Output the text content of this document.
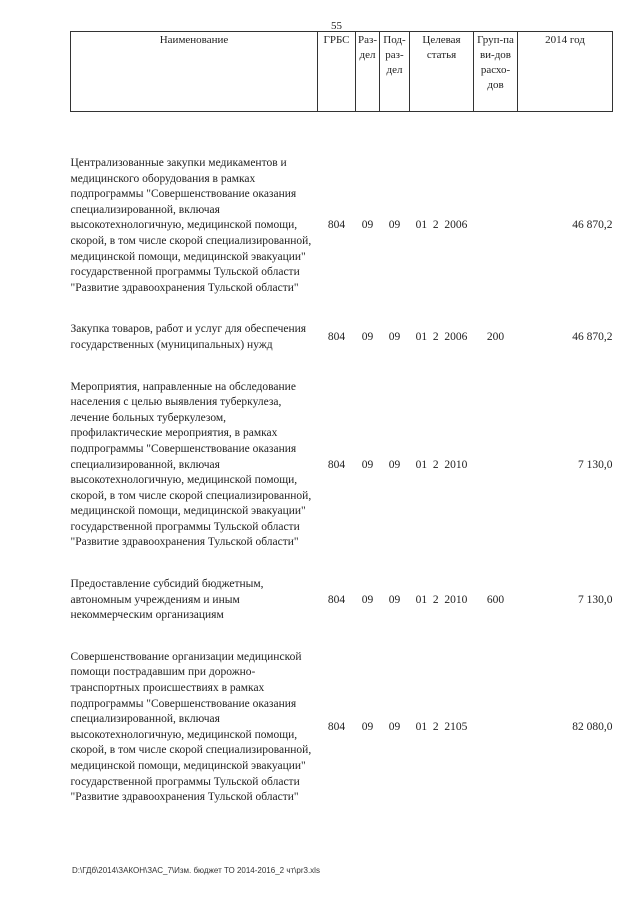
55
Наименование	ГРБС	Раз-дел	Под-раз-дел	Целевая статья	Груп-па ви-дов расхо-дов	2014 год

Централизованные закупки медикаментов и медицинского оборудования в рамках подпрограммы "Совершенствование оказания специализированной, включая высокотехнологичную, медицинской помощи, скорой, в том числе скорой специализированной, медицинской помощи, медицинской эвакуации" государственной программы Тульской области "Развитие здравоохранения Тульской области"	804	09	09	01 2 2006		46 870,2

Закупка товаров, работ и услуг для обеспечения государственных (муниципальных) нужд	804	09	09	01 2 2006	200	46 870,2

Мероприятия, направленные на обследование населения с целью выявления туберкулеза, лечение больных туберкулезом, профилактические мероприятия, в рамках подпрограммы "Совершенствование оказания специализированной, включая высокотехнологичную, медицинской помощи, скорой, в том числе скорой специализированной, медицинской помощи, медицинской эвакуации" государственной программы Тульской области "Развитие здравоохранения Тульской области"	804	09	09	01 2 2010		7 130,0

Предоставление субсидий бюджетным, автономным учреждениям и иным некоммерческим организациям	804	09	09	01 2 2010	600	7 130,0

Совершенствование организации медицинской помощи пострадавшим при дорожно-транспортных происшествиях в рамках подпрограммы "Совершенствование оказания специализированной, включая высокотехнологичную, медицинской помощи, скорой, в том числе скорой специализированной, медицинской помощи, медицинской эвакуации" государственной программы Тульской области "Развитие здравоохранения Тульской области"	804	09	09	01 2 2105		82 080,0
D:\ГДб\2014\ЗАКОН\ЗАС_7\Изм. бюджет ТО 2014-2016_2 чт\pr3.xls
